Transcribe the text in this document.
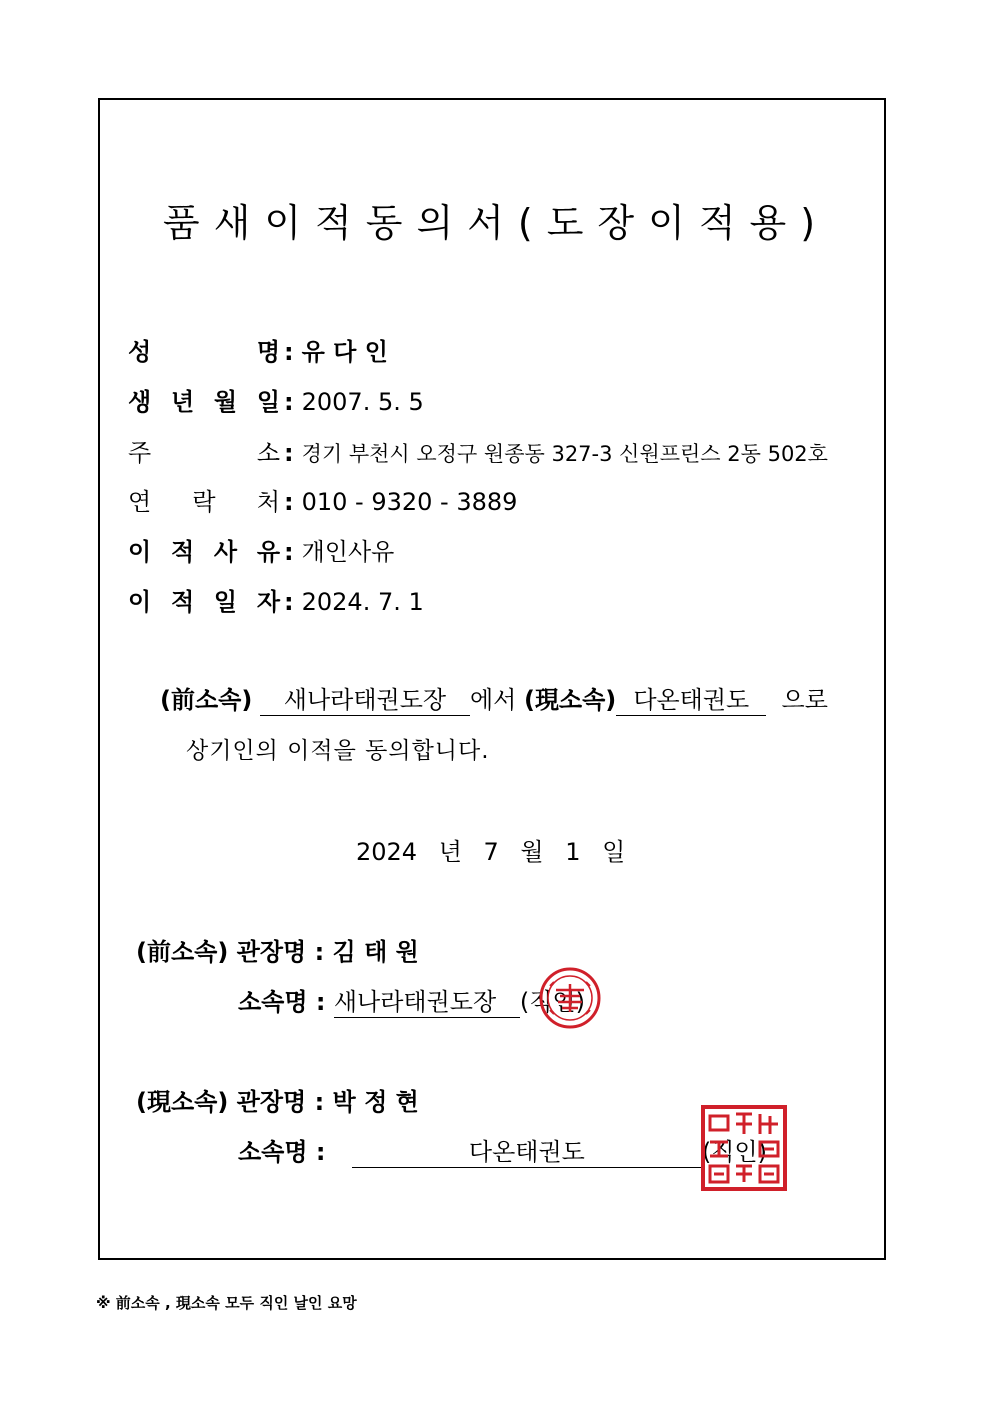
품새이적동의서(도장이적용)
성	명 : 유 다 인
생 년 월 일 : 2007. 5. 5
주	소 : 경기 부천시 오정구 원종동 327-3 신원프린스 2동 502호
연 락 처 : 010 - 9320 - 3889
이 적 사 유 : 개인사유
이 적 일 자 : 2024. 7. 1
(前소속) 새나라태권도장 에서 (現소속) 다온태권도 으로
상기인의 이적을 동의합니다.
2024 년 7 월 1 일
(前소속) 관장명 : 김 태 원
소속명 : 새나라태권도장 (직인)
(現소속) 관장명 : 박 정 현
소속명 :	다온태권도	(직인)
※ 前소속 , 現소속 모두 직인 날인 요망
